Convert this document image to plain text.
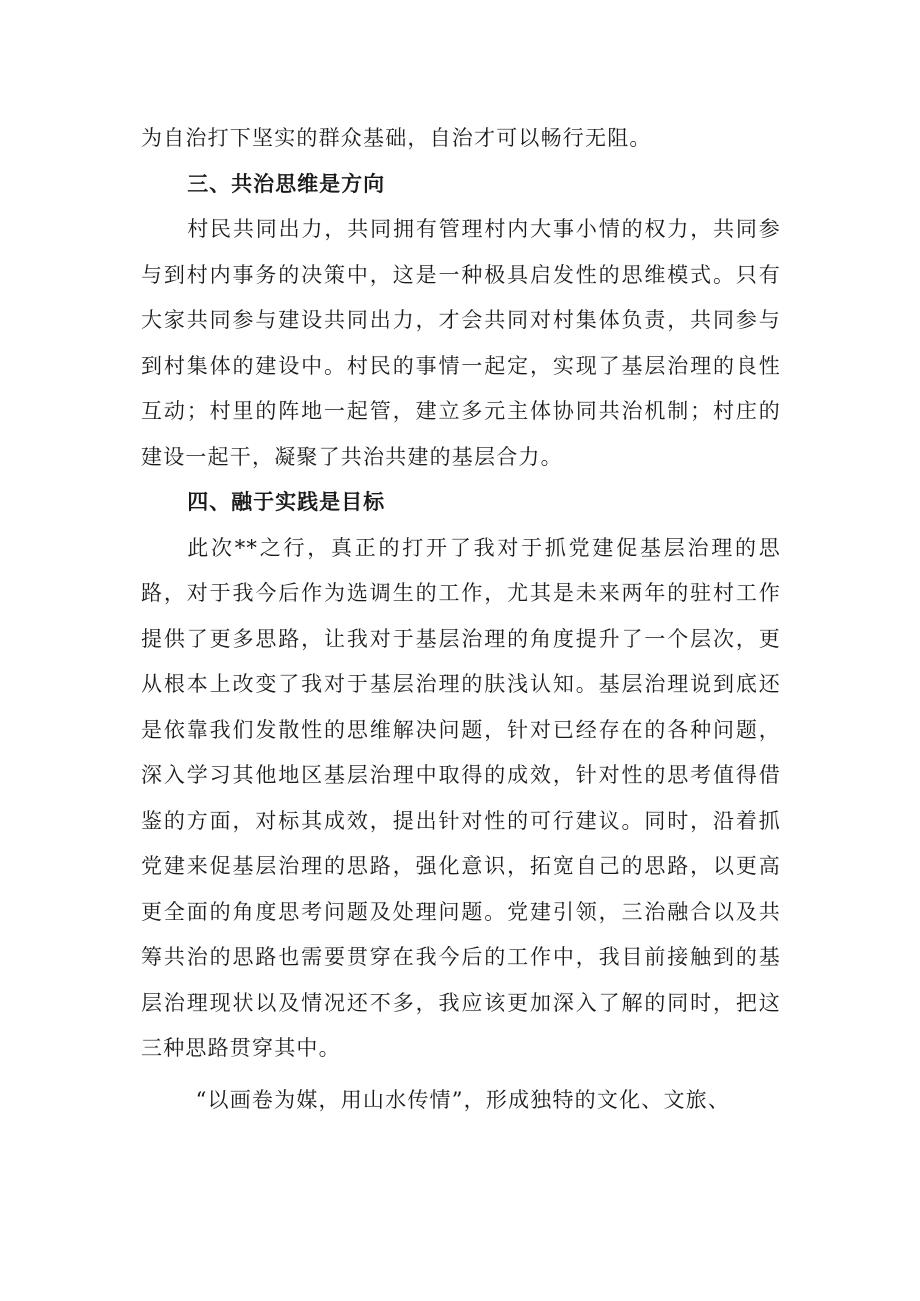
为自治打下坚实的群众基础，自治才可以畅行无阻。

三、共治思维是方向

村民共同出力，共同拥有管理村内大事小情的权力，共同参与到村内事务的决策中，这是一种极具启发性的思维模式。只有大家共同参与建设共同出力，才会共同对村集体负责，共同参与到村集体的建设中。村民的事情一起定，实现了基层治理的良性互动；村里的阵地一起管，建立多元主体协同共治机制；村庄的建设一起干，凝聚了共治共建的基层合力。

四、融于实践是目标

此次**之行，真正的打开了我对于抓党建促基层治理的思路，对于我今后作为选调生的工作，尤其是未来两年的驻村工作提供了更多思路，让我对于基层治理的角度提升了一个层次，更从根本上改变了我对于基层治理的肤浅认知。基层治理说到底还是依靠我们发散性的思维解决问题，针对已经存在的各种问题，深入学习其他地区基层治理中取得的成效，针对性的思考值得借鉴的方面，对标其成效，提出针对性的可行建议。同时，沿着抓党建来促基层治理的思路，强化意识，拓宽自己的思路，以更高更全面的角度思考问题及处理问题。党建引领，三治融合以及共筹共治的思路也需要贯穿在我今后的工作中，我目前接触到的基层治理现状以及情况还不多，我应该更加深入了解的同时，把这三种思路贯穿其中。

“以画卷为媒，用山水传情”，形成独特的文化、文旅、
